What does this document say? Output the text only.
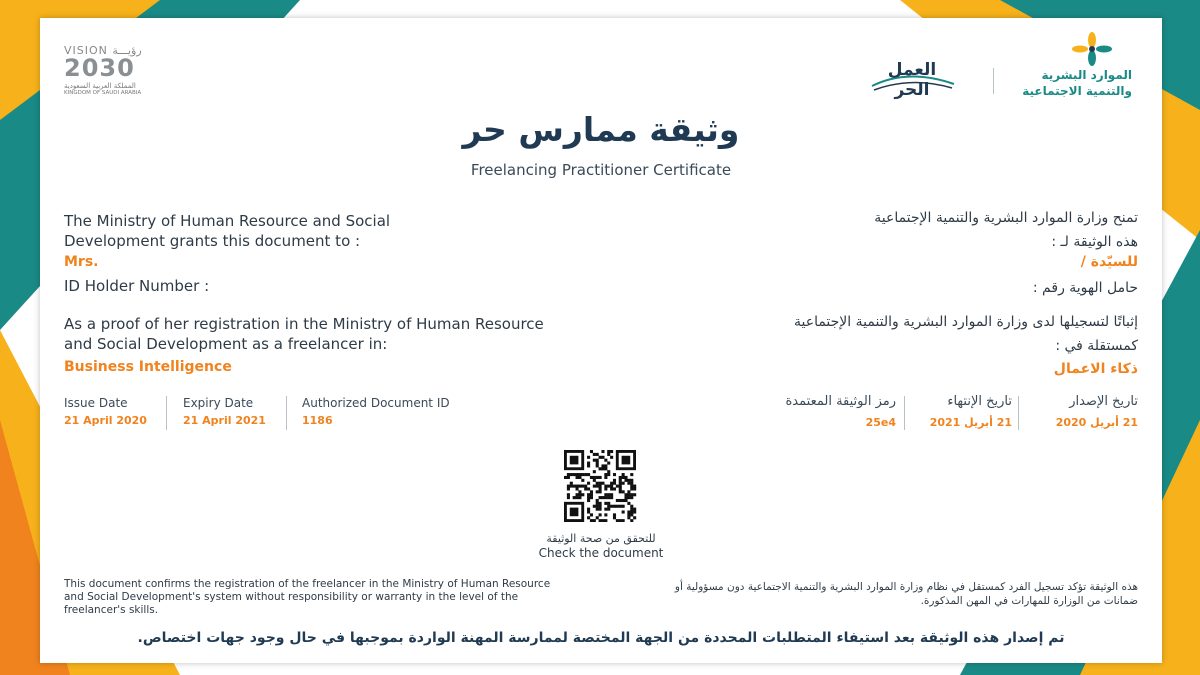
VISION رؤيـــة
2030
المملكة العربية السعودية
KINGDOM OF SAUDI ARABIA
العمل الحر
الموارد البشرية
والتنمية الاجتماعية
وثيقة ممارس حر
Freelancing Practitioner Certificate
The Ministry of Human Resource and Social Development grants this document to :
Mrs.
ID Holder Number :
As a proof of her registration in the Ministry of Human Resource and Social Development as a freelancer in:
Business Intelligence
Issue Date
21 April 2020
Expiry Date
21 April 2021
Authorized Document ID
1186
تمنح وزارة الموارد البشرية والتنمية الإجتماعية
هذه الوثيقة لـ :
للسيّدة /
حامل الهوية رقم :
إثباتًا لتسجيلها لدى وزارة الموارد البشرية والتنمية الإجتماعية
كمستقلة في :
ذكاء الاعمال
تاريخ الإصدار
21 أبريل 2020
تاريخ الإنتهاء
21 أبريل 2021
رمز الوثيقة المعتمدة
25e4
للتحقق من صحة الوثيقة
Check the document
This document confirms the registration of the freelancer in the Ministry of Human Resource and Social Development's system without responsibility or warranty in the level of the freelancer's skills.
هذه الوثيقة تؤكد تسجيل الفرد كمستقل في نظام وزارة الموارد البشرية والتنمية الاجتماعية دون مسؤولية أو ضمانات من الوزارة للمهارات في المهن المذكورة.
تم إصدار هذه الوثيقة بعد استيفاء المتطلبات المحددة من الجهة المختصة لممارسة المهنة الواردة بموجبها في حال وجود جهات اختصاص.
